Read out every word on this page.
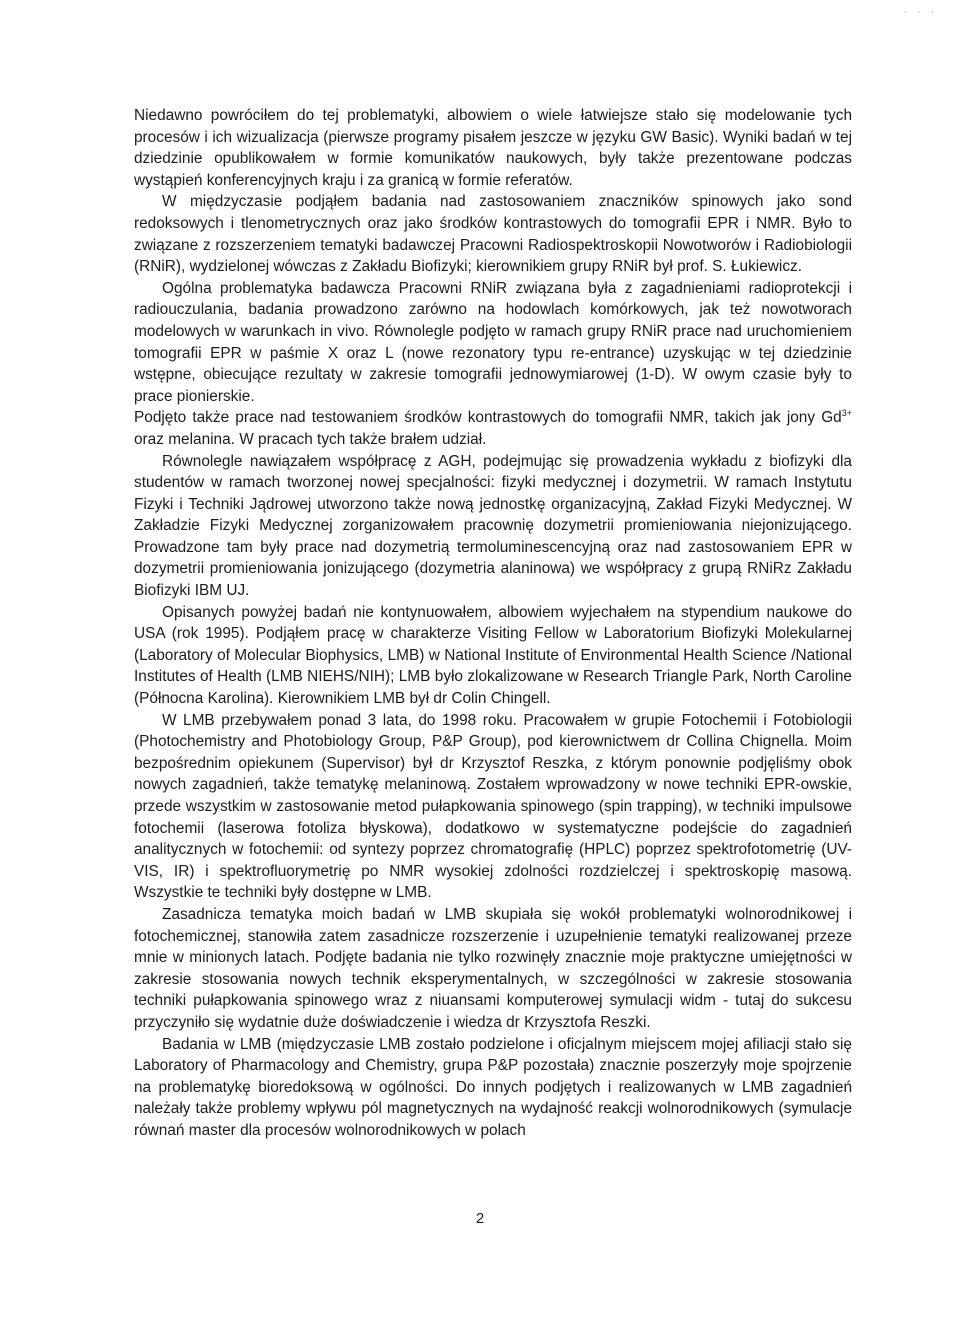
· · ·

Niedawno powróciłem do tej problematyki, albowiem o wiele łatwiejsze stało się modelowanie tych procesów i ich wizualizacja (pierwsze programy pisałem jeszcze w języku GW Basic). Wyniki badań w tej dziedzinie opublikowałem w formie komunikatów naukowych, były także prezentowane podczas wystąpień konferencyjnych kraju i za granicą w formie referatów.

W międzyczasie podjąłem badania nad zastosowaniem znaczników spinowych jako sond redoksowych i tlenometrycznych oraz jako środków kontrastowych do tomografii EPR i NMR. Było to związane z rozszerzeniem tematyki badawczej Pracowni Radiospektroskopii Nowotworów i Radiobiologii (RNiR), wydzielonej wówczas z Zakładu Biofizyki; kierownikiem grupy RNiR był prof. S. Łukiewicz.

Ogólna problematyka badawcza Pracowni RNiR związana była z zagadnieniami radioprotekcji i radiouczulania, badania prowadzono zarówno na hodowlach komórkowych, jak też nowotworach modelowych w warunkach in vivo. Równolegle podjęto w ramach grupy RNiR prace nad uruchomieniem tomografii EPR w paśmie X oraz L (nowe rezonatory typu re-entrance) uzyskując w tej dziedzinie wstępne, obiecujące rezultaty w zakresie tomografii jednowymiarowej (1-D). W owym czasie były to prace pionierskie.

Podjęto także prace nad testowaniem środków kontrastowych do tomografii NMR, takich jak jony $Gd^{3+}$ oraz melanina. W pracach tych także brałem udział.

Równolegle nawiązałem współpracę z AGH, podejmując się prowadzenia wykładu z biofizyki dla studentów w ramach tworzonej nowej specjalności: fizyki medycznej i dozymetrii. W ramach Instytutu Fizyki i Techniki Jądrowej utworzono także nową jednostkę organizacyjną, Zakład Fizyki Medycznej. W Zakładzie Fizyki Medycznej zorganizowałem pracownię dozymetrii promieniowania niejonizującego. Prowadzone tam były prace nad dozymetrią termoluminescencyjną oraz nad zastosowaniem EPR w dozymetrii promieniowania jonizującego (dozymetria alaninowa) we współpracy z grupą RNiRz Zakładu Biofizyki IBM UJ.

Opisanych powyżej badań nie kontynuowałem, albowiem wyjechałem na stypendium naukowe do USA (rok 1995). Podjąłem pracę w charakterze Visiting Fellow w Laboratorium Biofizyki Molekularnej (Laboratory of Molecular Biophysics, LMB) w National Institute of Environmental Health Science /National Institutes of Health (LMB NIEHS/NIH); LMB było zlokalizowane w Research Triangle Park, North Caroline (Północna Karolina). Kierownikiem LMB był dr Colin Chingell.

W LMB przebywałem ponad 3 lata, do 1998 roku. Pracowałem w grupie Fotochemii i Fotobiologii (Photochemistry and Photobiology Group, P&P Group), pod kierownictwem dr Collina Chignella. Moim bezpośrednim opiekunem (Supervisor) był dr Krzysztof Reszka, z którym ponownie podjęliśmy obok nowych zagadnień, także tematykę melaninową. Zostałem wprowadzony w nowe techniki EPR-owskie, przede wszystkim w zastosowanie metod pułapkowania spinowego (spin trapping), w techniki impulsowe fotochemii (laserowa fotoliza błyskowa), dodatkowo w systematyczne podejście do zagadnień analitycznych w fotochemii: od syntezy poprzez chromatografię (HPLC) poprzez spektrofotometrię (UV-VIS, IR) i spektrofluorymetrię po NMR wysokiej zdolności rozdzielczej i spektroskopię masową. Wszystkie te techniki były dostępne w LMB.

Zasadnicza tematyka moich badań w LMB skupiała się wokół problematyki wolnorodnikowej i fotochemicznej, stanowiła zatem zasadnicze rozszerzenie i uzupełnienie tematyki realizowanej przeze mnie w minionych latach. Podjęte badania nie tylko rozwinęły znacznie moje praktyczne umiejętności w zakresie stosowania nowych technik eksperymentalnych, w szczególności w zakresie stosowania techniki pułapkowania spinowego wraz z niuansami komputerowej symulacji widm - tutaj do sukcesu przyczyniło się wydatnie duże doświadczenie i wiedza dr Krzysztofa Reszki.

Badania w LMB (międzyczasie LMB zostało podzielone i oficjalnym miejscem mojej afiliacji stało się Laboratory of Pharmacology and Chemistry, grupa P&P pozostała) znacznie poszerzyły moje spojrzenie na problematykę bioredoksową w ogólności. Do innych podjętych i realizowanych w LMB zagadnień należały także problemy wpływu pól magnetycznych na wydajność reakcji wolnorodnikowych (symulacje równań master dla procesów wolnorodnikowych w polach

2
